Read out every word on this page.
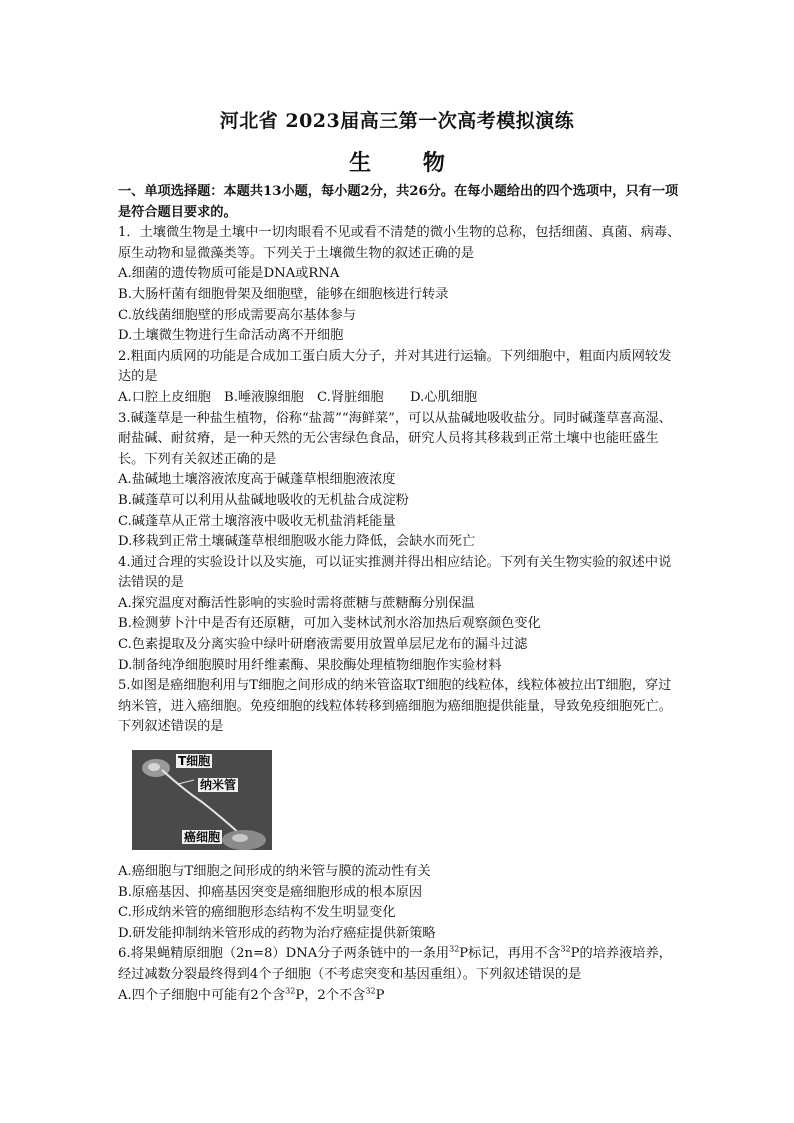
河北省 2023届高三第一次高考模拟演练
生 物

一、单项选择题：本题共13小题，每小题2分，共26分。在每小题给出的四个选项中，只有一项是符合题目要求的。

1．土壤微生物是土壤中一切肉眼看不见或看不清楚的微小生物的总称，包括细菌、真菌、病毒、原生动物和显微藻类等。下列关于土壤微生物的叙述正确的是

A.细菌的遗传物质可能是DNA或RNA

B.大肠杆菌有细胞骨架及细胞壁，能够在细胞核进行转录

C.放线菌细胞壁的形成需要高尔基体参与

D.土壤微生物进行生命活动离不开细胞

2.粗面内质网的功能是合成加工蛋白质大分子，并对其进行运输。下列细胞中，粗面内质网较发达的是

A.口腔上皮细胞　B.唾液腺细胞　C.肾脏细胞　　D.心肌细胞

3.碱蓬草是一种盐生植物，俗称“盐蒿”“海鲜菜”，可以从盐碱地吸收盐分。同时碱蓬草喜高湿、耐盐碱、耐贫瘠，是一种天然的无公害绿色食品，研究人员将其移栽到正常土壤中也能旺盛生长。下列有关叙述正确的是

A.盐碱地土壤溶液浓度高于碱蓬草根细胞液浓度

B.碱蓬草可以利用从盐碱地吸收的无机盐合成淀粉

C.碱蓬草从正常土壤溶液中吸收无机盐消耗能量

D.移栽到正常土壤碱蓬草根细胞吸水能力降低，会缺水而死亡

4.通过合理的实验设计以及实施，可以证实推测并得出相应结论。下列有关生物实验的叙述中说法错误的是

A.探究温度对酶活性影响的实验时需将蔗糖与蔗糖酶分别保温

B.检测萝卜汁中是否有还原糖，可加入斐林试剂水浴加热后观察颜色变化

C.色素提取及分离实验中绿叶研磨液需要用放置单层尼龙布的漏斗过滤

D.制备纯净细胞膜时用纤维素酶、果胶酶处理植物细胞作实验材料

5.如图是癌细胞利用与T细胞之间形成的纳米管盗取T细胞的线粒体，线粒体被拉出T细胞，穿过纳米管，进入癌细胞。免疫细胞的线粒体转移到癌细胞为癌细胞提供能量，导致免疫细胞死亡。下列叙述错误的是

T细胞
纳米管
癌细胞

A.癌细胞与T细胞之间形成的纳米管与膜的流动性有关

B.原癌基因、抑癌基因突变是癌细胞形成的根本原因

C.形成纳米管的癌细胞形态结构不发生明显变化

D.研发能抑制纳米管形成的药物为治疗癌症提供新策略

6.将果蝇精原细胞（2n=8）DNA分子两条链中的一条用$^{32}$P标记，再用不含$^{32}$P的培养液培养，经过减数分裂最终得到4个子细胞（不考虑突变和基因重组）。下列叙述错误的是

A.四个子细胞中可能有2个含$^{32}$P，2个不含$^{32}$P
